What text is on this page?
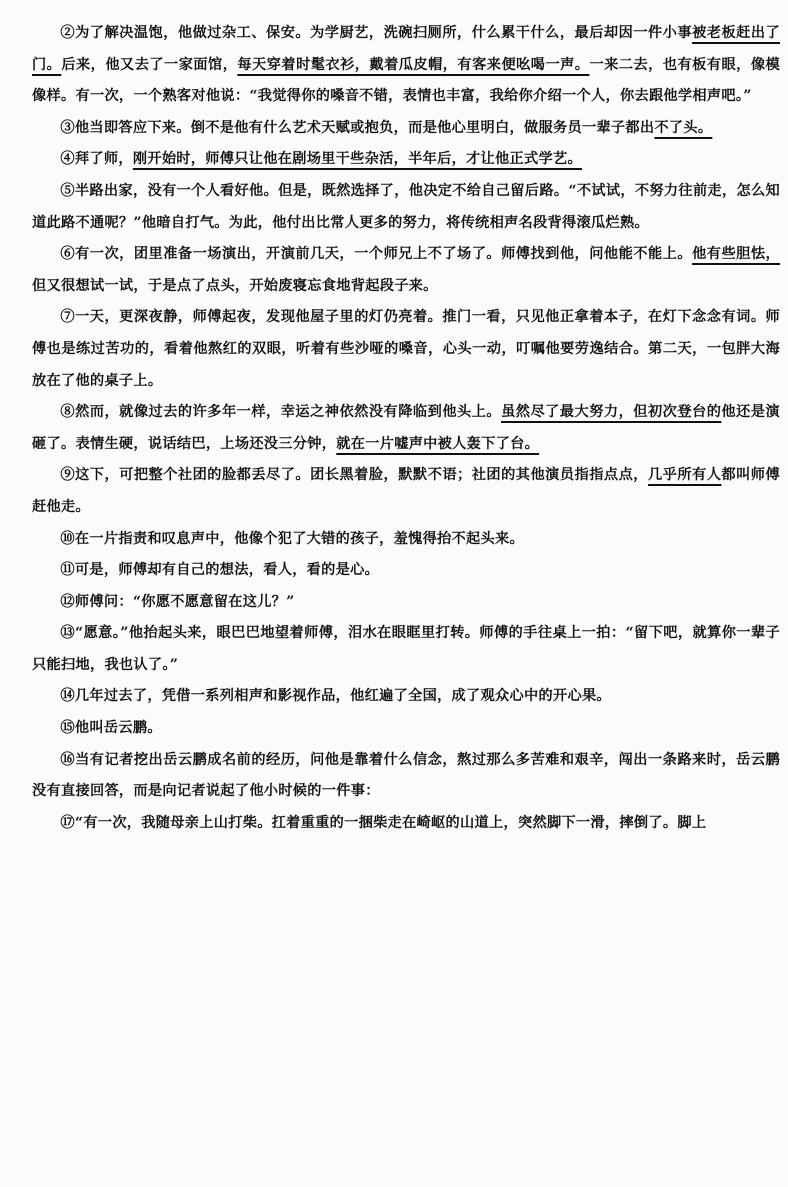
②为了解决温饱，他做过杂工、保安。为学厨艺，洗碗扫厕所，什么累干什么，最后却因一件小事被老板赶出了门。后来，他又去了一家面馆，每天穿着时髦衣衫，戴着瓜皮帽，有客来便吆喝一声。一来二去，也有板有眼，像模像样。有一次，一个熟客对他说：“我觉得你的嗓音不错，表情也丰富，我给你介绍一个人，你去跟他学相声吧。”

③他当即答应下来。倒不是他有什么艺术天赋或抱负，而是他心里明白，做服务员一辈子都出不了头。

④拜了师，刚开始时，师傅只让他在剧场里干些杂活，半年后，才让他正式学艺。

⑤半路出家，没有一个人看好他。但是，既然选择了，他决定不给自己留后路。“不试试，不努力往前走，怎么知道此路不通呢？”他暗自打气。为此，他付出比常人更多的努力，将传统相声名段背得滚瓜烂熟。

⑥有一次，团里准备一场演出，开演前几天，一个师兄上不了场了。师傅找到他，问他能不能上。他有些胆怯，但又很想试一试，于是点了点头，开始废寝忘食地背起段子来。

⑦一天，更深夜静，师傅起夜，发现他屋子里的灯仍亮着。推门一看，只见他正拿着本子，在灯下念念有词。师傅也是练过苦功的，看着他熬红的双眼，听着有些沙哑的嗓音，心头一动，叮嘱他要劳逸结合。第二天，一包胖大海放在了他的桌子上。

⑧然而，就像过去的许多年一样，幸运之神依然没有降临到他头上。虽然尽了最大努力，但初次登台的他还是演砸了。表情生硬，说话结巴，上场还没三分钟，就在一片嘘声中被人轰下了台。

⑨这下，可把整个社团的脸都丢尽了。团长黑着脸，默默不语；社团的其他演员指指点点，几乎所有人都叫师傅赶他走。

⑩在一片指责和叹息声中，他像个犯了大错的孩子，羞愧得抬不起头来。

⑪可是，师傅却有自己的想法，看人，看的是心。

⑫师傅问：“你愿不愿意留在这儿？”

⑬“愿意。”他抬起头来，眼巴巴地望着师傅，泪水在眼眶里打转。师傅的手往桌上一拍：“留下吧，就算你一辈子只能扫地，我也认了。”

⑭几年过去了，凭借一系列相声和影视作品，他红遍了全国，成了观众心中的开心果。

⑮他叫岳云鹏。

⑯当有记者挖出岳云鹏成名前的经历，问他是靠着什么信念，熬过那么多苦难和艰辛，闯出一条路来时，岳云鹏没有直接回答，而是向记者说起了他小时候的一件事：

⑰“有一次，我随母亲上山打柴。扛着重重的一捆柴走在崎岖的山道上，突然脚下一滑，摔倒了。脚上
